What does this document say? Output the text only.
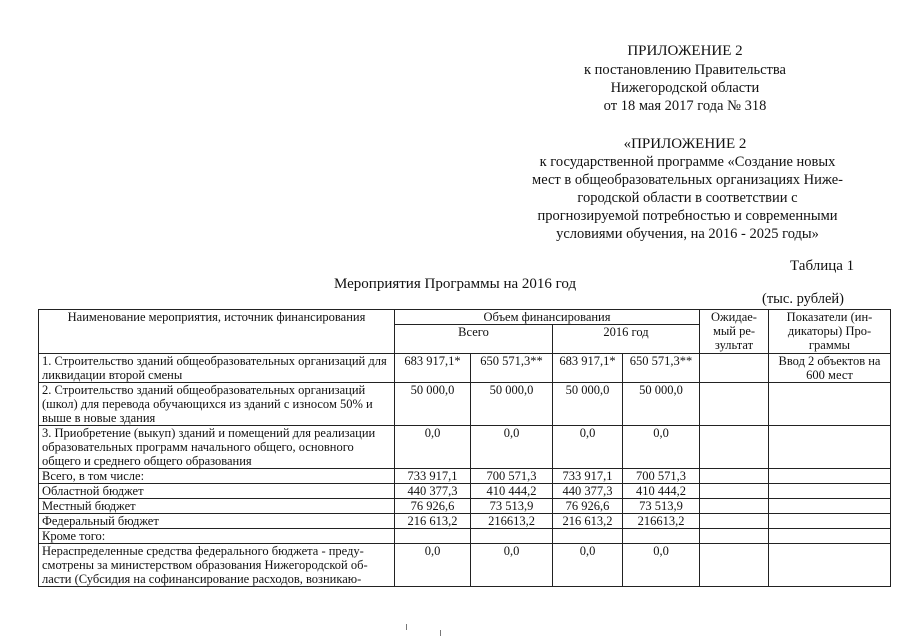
ПРИЛОЖЕНИЕ 2
к постановлению Правительства
Нижегородской области
от 18 мая 2017 года № 318
«ПРИЛОЖЕНИЕ 2
к государственной программе «Создание новых
мест в общеобразовательных организациях Ниже-
городской области в соответствии с
прогнозируемой потребностью и современными
условиями обучения, на 2016 - 2025 годы»
Таблица 1
Мероприятия Программы на 2016 год
(тыс. рублей)
Наименование мероприятия, источник финансирования	Объем финансирования				Ожидае-мый ре-зультат	Показатели (ин-дикаторы) Про-граммы
	Всего		2016 год			
1. Строительство зданий общеобразовательных организаций для ликвидации второй смены	683 917,1*	650 571,3**	683 917,1*	650 571,3**		Ввод 2 объектов на 600 мест
2. Строительство зданий общеобразовательных организаций (школ) для перевода обучающихся из зданий с износом 50% и выше в новые здания	50 000,0	50 000,0	50 000,0	50 000,0		
3. Приобретение (выкуп) зданий и помещений для реализации образовательных программ начального общего, основного общего и среднего общего образования	0,0	0,0	0,0	0,0		
Всего, в том числе:	733 917,1	700 571,3	733 917,1	700 571,3		
Областной бюджет	440 377,3	410 444,2	440 377,3	410 444,2		
Местный бюджет	76 926,6	73 513,9	76 926,6	73 513,9		
Федеральный бюджет	216 613,2	216613,2	216 613,2	216613,2		
Кроме того:						
Нераспределенные средства федерального бюджета - преду-смотрены за министерством образования Нижегородской об-ласти (Субсидия на софинансирование расходов, возникаю-	0,0	0,0	0,0	0,0		
